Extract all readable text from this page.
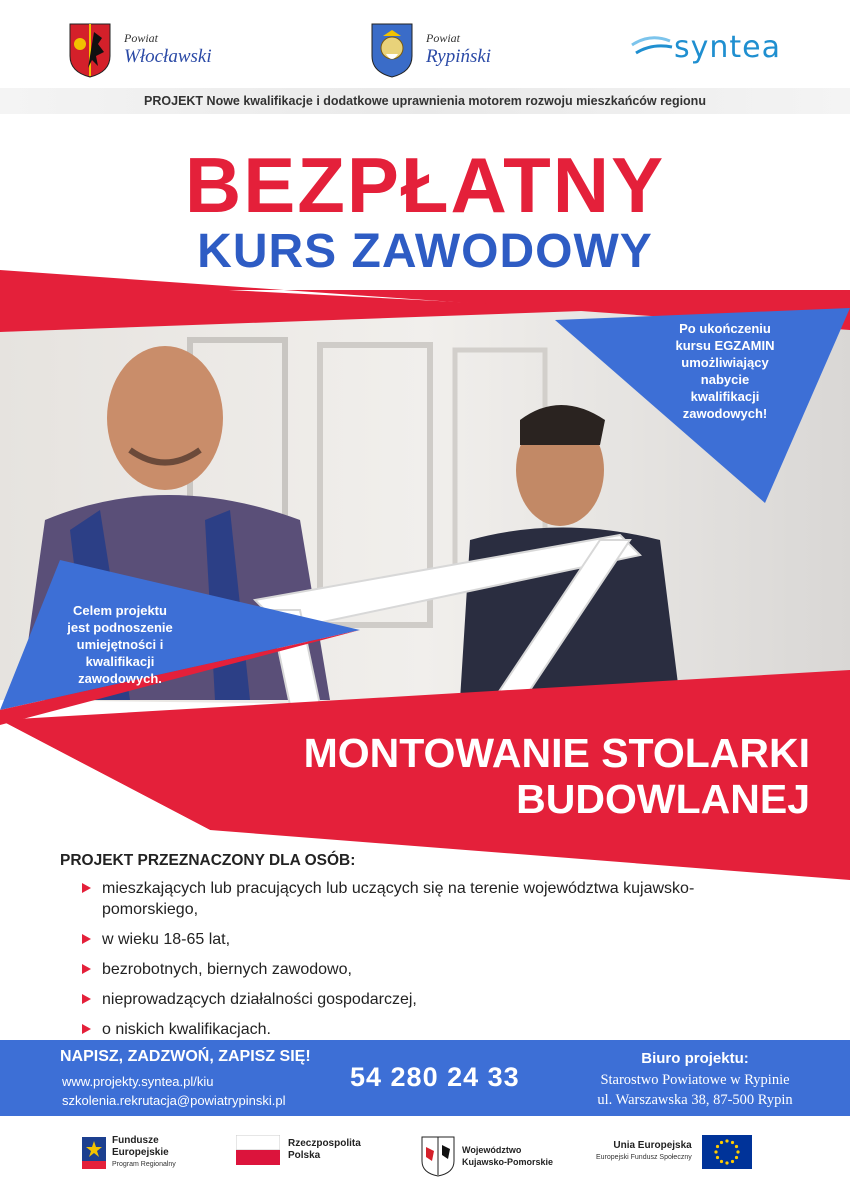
Powiat
Włocławski
Powiat
Rypiński	syntea
PROJEKT Nowe kwalifikacje i dodatkowe uprawnienia motorem rozwoju mieszkańców regionu
BEZPŁATNY
KURS ZAWODOWY
Po ukończeniu
kursu EGZAMIN
umożliwiający
nabycie
kwalifikacji
zawodowych!
Celem projektu
jest podnoszenie
umiejętności i
kwalifikacji
zawodowych.
MONTOWANIE STOLARKI
BUDOWLANEJ
PROJEKT PRZEZNACZONY DLA OSÓB:
mieszkających lub pracujących lub uczących się na terenie województwa kujawsko-pomorskiego,
w wieku 18-65 lat,
bezrobotnych, biernych zawodowo,
nieprowadzących działalności gospodarczej,
o niskich kwalifikacjach.
NAPISZ, ZADZWOŃ, ZAPISZ SIĘ!
www.projekty.syntea.pl/kiu
szkolenia.rekrutacja@powiatrypinski.pl
54 280 24 33
Biuro projektu:
Starostwo Powiatowe w Rypinie
ul. Warszawska 38, 87-500 Rypin
Fundusze
Europejskie
Program Regionalny
Rzeczpospolita
Polska	Województwo
Kujawsko-Pomorskie
Unia Europejska
Europejski Fundusz Społeczny
